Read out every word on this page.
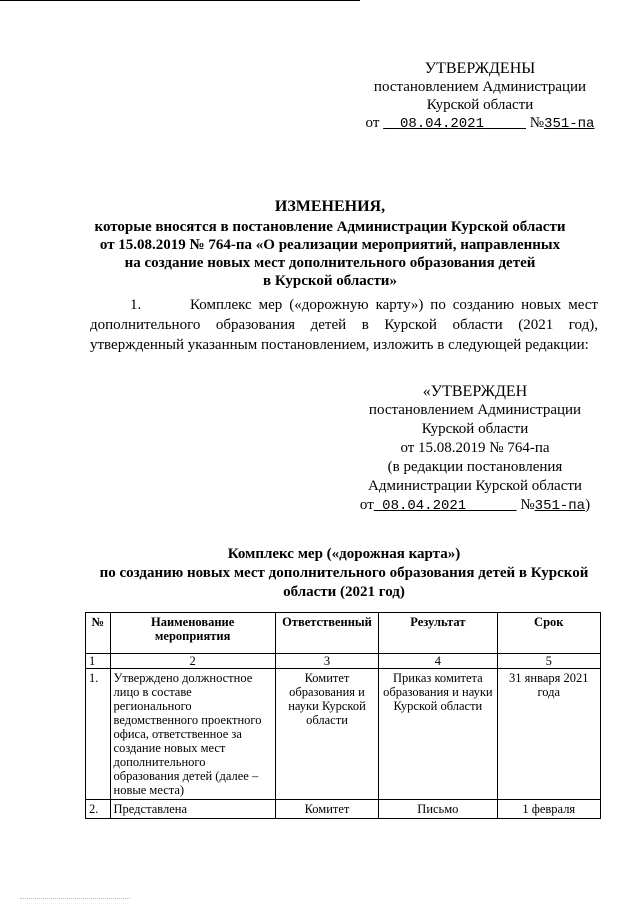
УТВЕРЖДЕНЫ
постановлением Администрации
Курской области
от 08.04.2021	№351-па
ИЗМЕНЕНИЯ,
которые вносятся в постановление Администрации Курской области
от 15.08.2019 № 764-па «О реализации мероприятий, направленных
на создание новых мест дополнительного образования детей
в Курской области»
1.	Комплекс мер («дорожную карту») по созданию новых мест дополнительного образования детей в Курской области (2021 год), утвержденный указанным постановлением, изложить в следующей редакции:
«УТВЕРЖДЕН
постановлением Администрации
Курской области
от 15.08.2019 № 764-па
(в редакции постановления
Администрации Курской области
от 08.04.2021	№351-па)
Комплекс мер («дорожная карта»)
по созданию новых мест дополнительного образования детей в Курской
области (2021 год)
№	Наименование мероприятия	Ответственный	Результат	Срок
1	2	3	4	5
1.	Утверждено должностное лицо в составе регионального ведомственного проектного офиса, ответственное за создание новых мест дополнительного образования детей (далее – новые места)	Комитет образования и науки Курской области	Приказ комитета образования и науки Курской области	31 января 2021 года
2.	Представлена	Комитет	Письмо	1 февраля
